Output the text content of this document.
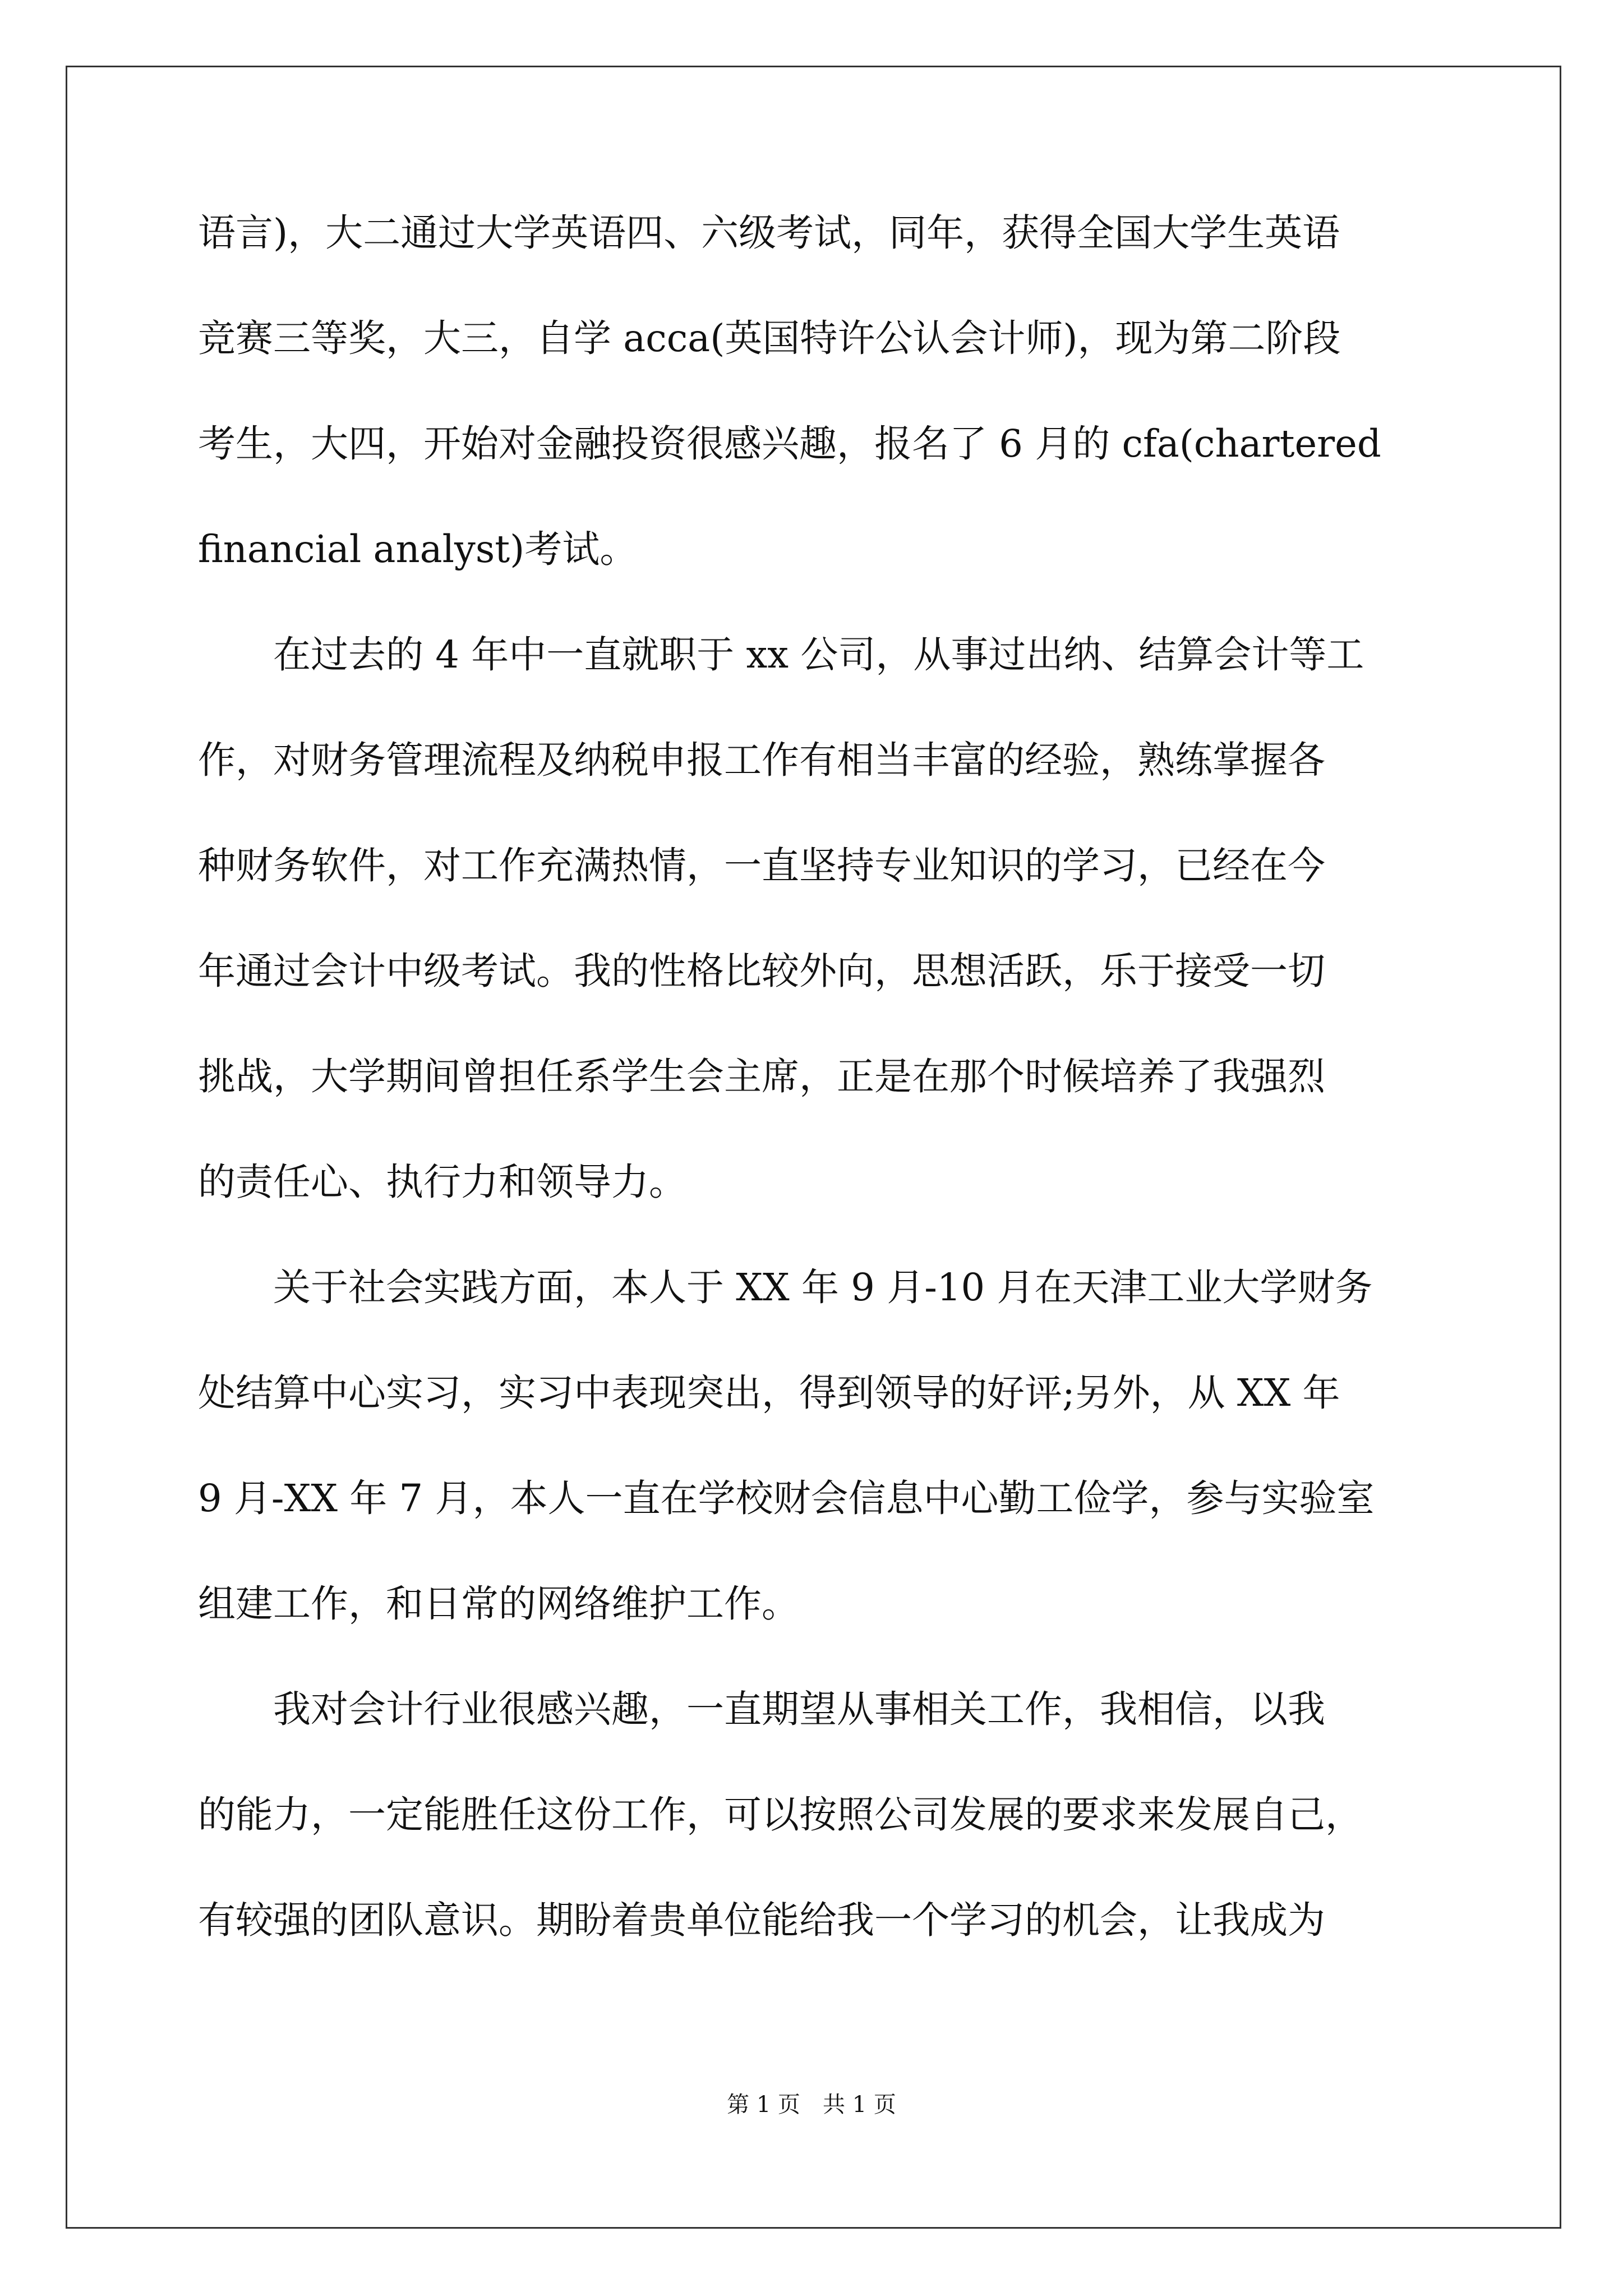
语言)，大二通过大学英语四、六级考试，同年，获得全国大学生英语
竞赛三等奖，大三，自学 acca(英国特许公认会计师)，现为第二阶段
考生，大四，开始对金融投资很感兴趣，报名了 6 月的 cfa(chartered
financial analyst)考试。
　　在过去的 4 年中一直就职于 xx 公司，从事过出纳、结算会计等工
作，对财务管理流程及纳税申报工作有相当丰富的经验，熟练掌握各
种财务软件，对工作充满热情，一直坚持专业知识的学习，已经在今
年通过会计中级考试。我的性格比较外向，思想活跃，乐于接受一切
挑战，大学期间曾担任系学生会主席，正是在那个时候培养了我强烈
的责任心、执行力和领导力。
　　关于社会实践方面，本人于 XX 年 9 月-10 月在天津工业大学财务
处结算中心实习，实习中表现突出，得到领导的好评;另外，从 XX 年
9 月-XX 年 7 月，本人一直在学校财会信息中心勤工俭学，参与实验室
组建工作，和日常的网络维护工作。
　　我对会计行业很感兴趣，一直期望从事相关工作，我相信，以我
的能力，一定能胜任这份工作，可以按照公司发展的要求来发展自己，
有较强的团队意识。期盼着贵单位能给我一个学习的机会，让我成为
第 1 页　共 1 页
